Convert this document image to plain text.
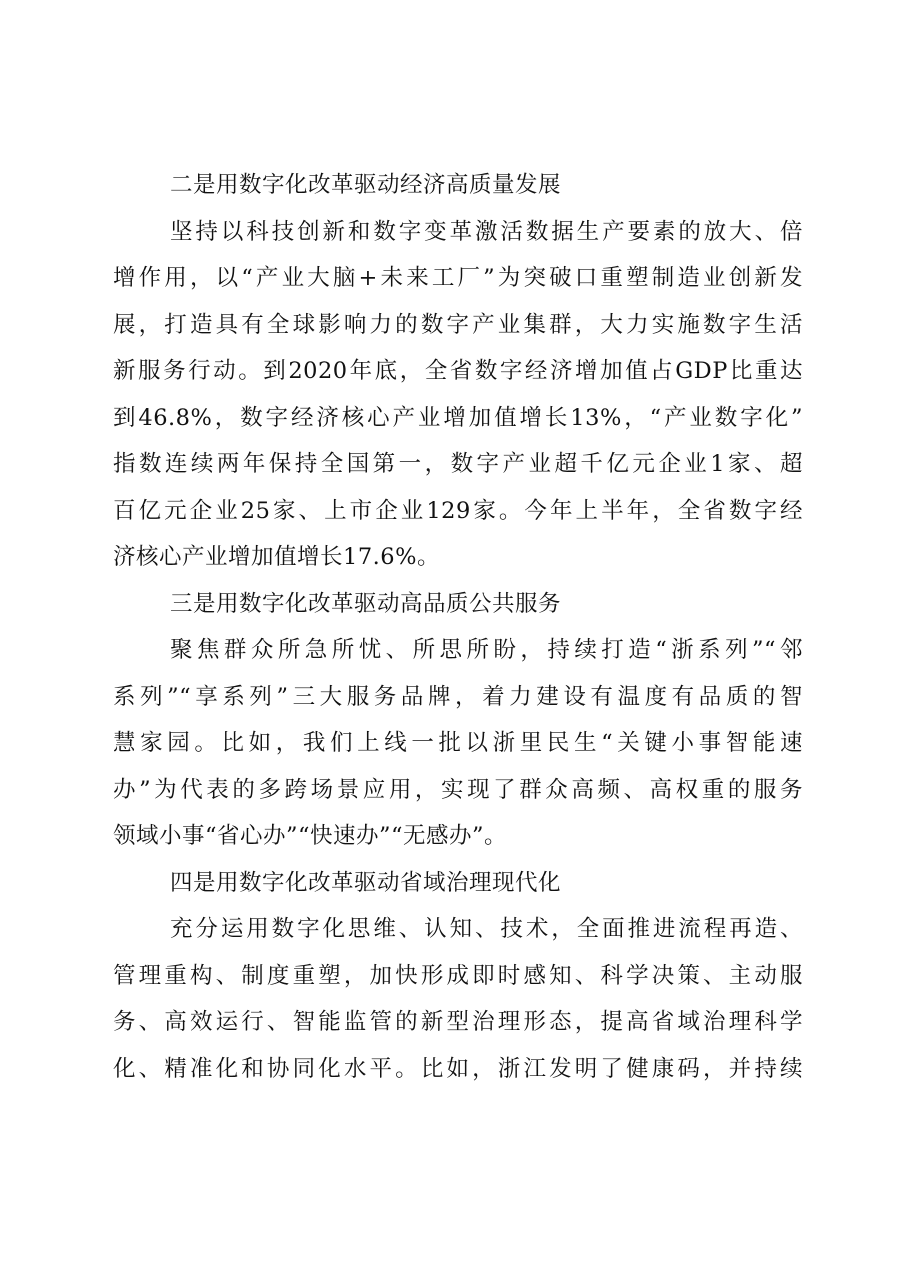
二是用数字化改革驱动经济高质量发展
坚持以科技创新和数字变革激活数据生产要素的放大、倍
增作用，以“产业大脑+未来工厂”为突破口重塑制造业创新发
展，打造具有全球影响力的数字产业集群，大力实施数字生活
新服务行动。到2020年底，全省数字经济增加值占GDP比重达
到46.8%，数字经济核心产业增加值增长13%，“产业数字化”
指数连续两年保持全国第一，数字产业超千亿元企业1家、超
百亿元企业25家、上市企业129家。今年上半年，全省数字经
济核心产业增加值增长17.6%。
三是用数字化改革驱动高品质公共服务
聚焦群众所急所忧、所思所盼，持续打造“浙系列”“邻
系列”“享系列”三大服务品牌，着力建设有温度有品质的智
慧家园。比如，我们上线一批以浙里民生“关键小事智能速
办”为代表的多跨场景应用，实现了群众高频、高权重的服务
领域小事“省心办”“快速办”“无感办”。
四是用数字化改革驱动省域治理现代化
充分运用数字化思维、认知、技术，全面推进流程再造、
管理重构、制度重塑，加快形成即时感知、科学决策、主动服
务、高效运行、智能监管的新型治理形态，提高省域治理科学
化、精准化和协同化水平。比如，浙江发明了健康码，并持续
